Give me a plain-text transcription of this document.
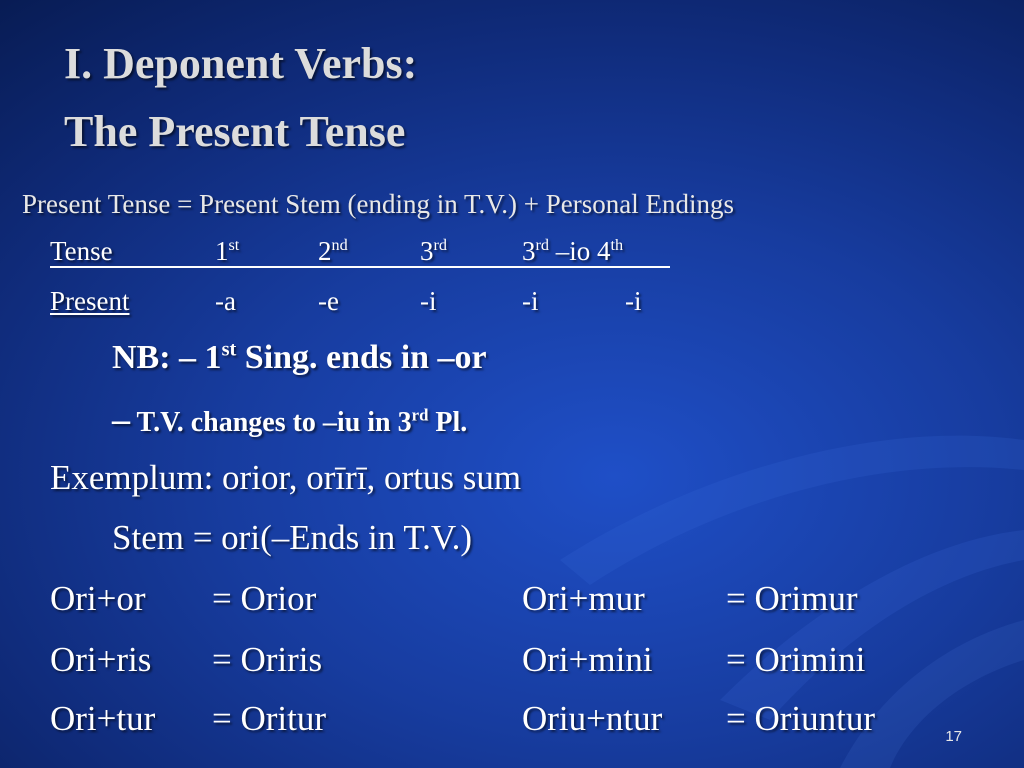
I. Deponent Verbs:
The Present Tense
Present Tense = Present Stem (ending in T.V.) + Personal Endings
Tense	1st	2nd	3rd	3rd –io 4th
Present	-a	-e	-i	-i	-i
NB: – 1st Sing. ends in –or
– T.V. changes to –iu in 3rd Pl.
Exemplum: orior, orīrī, ortus sum
Stem = ori(–Ends in T.V.)
Ori+or = Orior	Ori+mur = Orimur
Ori+ris = Oriris	Ori+mini = Orimini
Ori+tur = Oritur	Oriu+ntur = Oriuntur	17
